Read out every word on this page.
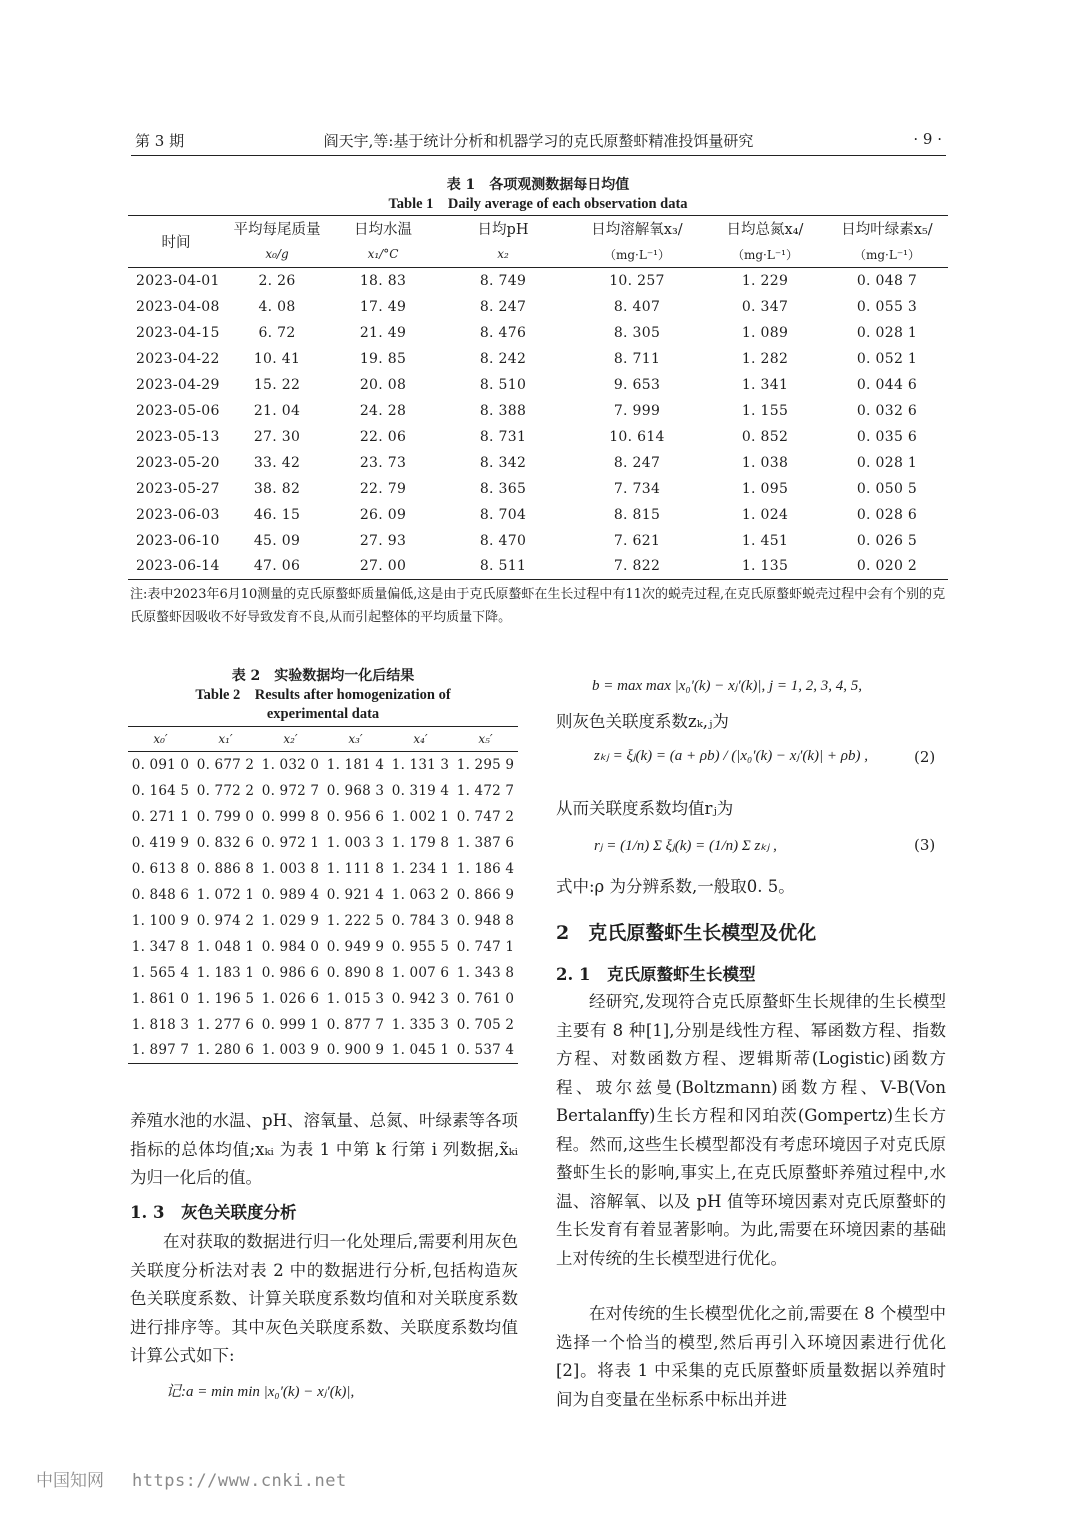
第 3 期	阎天宇,等:基于统计分析和机器学习的克氏原螯虾精准投饵量研究	· 9 ·
表 1　各项观测数据每日均值
Table 1　Daily average of each observation data
时间	平均每尾质量	日均水温	日均pH	日均溶解氧x₃/	日均总氮x₄/	日均叶绿素x₅/
	x₀/g	x₁/°C	x₂	（mg·L⁻¹）	（mg·L⁻¹）	（mg·L⁻¹）
2023-04-01	2. 26	18. 83	8. 749	10. 257	1. 229	0. 048 7
2023-04-08	4. 08	17. 49	8. 247	8. 407	0. 347	0. 055 3
2023-04-15	6. 72	21. 49	8. 476	8. 305	1. 089	0. 028 1
2023-04-22	10. 41	19. 85	8. 242	8. 711	1. 282	0. 052 1
2023-04-29	15. 22	20. 08	8. 510	9. 653	1. 341	0. 044 6
2023-05-06	21. 04	24. 28	8. 388	7. 999	1. 155	0. 032 6
2023-05-13	27. 30	22. 06	8. 731	10. 614	0. 852	0. 035 6
2023-05-20	33. 42	23. 73	8. 342	8. 247	1. 038	0. 028 1
2023-05-27	38. 82	22. 79	8. 365	7. 734	1. 095	0. 050 5
2023-06-03	46. 15	26. 09	8. 704	8. 815	1. 024	0. 028 6
2023-06-10	45. 09	27. 93	8. 470	7. 621	1. 451	0. 026 5
2023-06-14	47. 06	27. 00	8. 511	7. 822	1. 135	0. 020 2
注:表中2023年6月10测量的克氏原螯虾质量偏低,这是由于克氏原螯虾在生长过程中有11次的蜕壳过程,在克氏原螯虾蜕壳过程中会有个别的克氏原螯虾因吸收不好导致发育不良,从而引起整体的平均质量下降。
表 2　实验数据均一化后结果
Table 2　Results after homogenization of
experimental data
x₀′	x₁′	x₂′	x₃′	x₄′	x₅′
0. 091 0	0. 677 2	1. 032 0	1. 181 4	1. 131 3	1. 295 9
0. 164 5	0. 772 2	0. 972 7	0. 968 3	0. 319 4	1. 472 7
0. 271 1	0. 799 0	0. 999 8	0. 956 6	1. 002 1	0. 747 2
0. 419 9	0. 832 6	0. 972 1	1. 003 3	1. 179 8	1. 387 6
0. 613 8	0. 886 8	1. 003 8	1. 111 8	1. 234 1	1. 186 4
0. 848 6	1. 072 1	0. 989 4	0. 921 4	1. 063 2	0. 866 9
1. 100 9	0. 974 2	1. 029 9	1. 222 5	0. 784 3	0. 948 8
1. 347 8	1. 048 1	0. 984 0	0. 949 9	0. 955 5	0. 747 1
1. 565 4	1. 183 1	0. 986 6	0. 890 8	1. 007 6	1. 343 8
1. 861 0	1. 196 5	1. 026 6	1. 015 3	0. 942 3	0. 761 0
1. 818 3	1. 277 6	0. 999 1	0. 877 7	1. 335 3	0. 705 2
1. 897 7	1. 280 6	1. 003 9	0. 900 9	1. 045 1	0. 537 4

养殖水池的水温、pH、溶氧量、总氮、叶绿素等各项指标的总体均值;xₖᵢ 为表 1 中第 k 行第 i 列数据,x̃ₖᵢ 为归一化后的值。

1. 3　灰色关联度分析
在对获取的数据进行归一化处理后,需要利用灰色关联度分析法对表 2 中的数据进行分析,包括构造灰色关联度系数、计算关联度系数均值和对关联度系数进行排序等。其中灰色关联度系数、关联度系数均值计算公式如下:
记:a = min min |x₀′(k) − xⱼ′(k)|,
b = max max |x₀′(k) − xⱼ′(k)|, j = 1, 2, 3, 4, 5,
则灰色关联度系数zₖ,ⱼ为
zₖⱼ = ξⱼ(k) = (a + ρb) / (|x₀′(k) − xⱼ′(k)| + ρb) ,	(2)
从而关联度系数均值rⱼ为
rⱼ = (1/n) Σ ξⱼ(k) = (1/n) Σ zₖⱼ ,	(3)
式中:ρ 为分辨系数,一般取0. 5。
2　克氏原螯虾生长模型及优化
2. 1　克氏原螯虾生长模型
经研究,发现符合克氏原螯虾生长规律的生长模型主要有 8 种[1],分别是线性方程、幂函数方程、指数方程、对数函数方程、逻辑斯蒂(Logistic)函数方程、玻尔兹曼(Boltzmann)函数方程、V-B(Von Bertalanffy)生长方程和冈珀茨(Gompertz)生长方程。然而,这些生长模型都没有考虑环境因子对克氏原螯虾生长的影响,事实上,在克氏原螯虾养殖过程中,水温、溶解氧、以及 pH 值等环境因素对克氏原螯虾的生长发育有着显著影响。为此,需要在环境因素的基础上对传统的生长模型进行优化。
在对传统的生长模型优化之前,需要在 8 个模型中选择一个恰当的模型,然后再引入环境因素进行优化[2]。将表 1 中采集的克氏原螯虾质量数据以养殖时间为自变量在坐标系中标出并进
中国知网 https://www.cnki.net
